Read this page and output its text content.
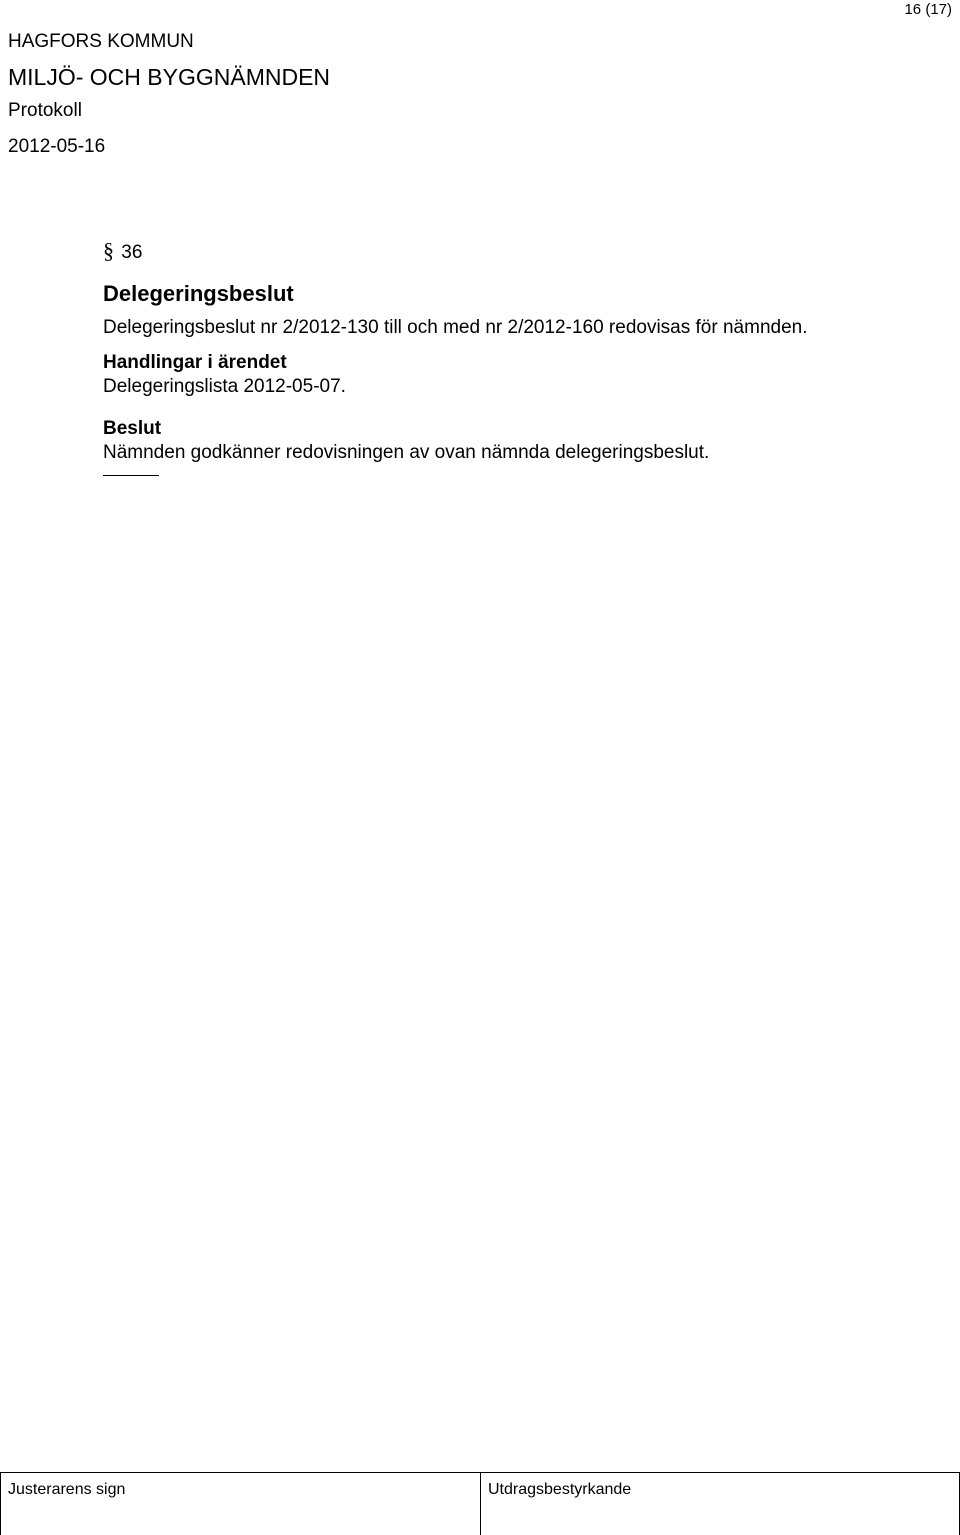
16 (17)
HAGFORS KOMMUN
MILJÖ- OCH BYGGNÄMNDEN
Protokoll
2012-05-16
§ 36
Delegeringsbeslut
Delegeringsbeslut nr 2/2012-130 till och med nr 2/2012-160 redovisas för nämnden.
Handlingar i ärendet
Delegeringslista 2012-05-07.
Beslut
Nämnden godkänner redovisningen av ovan nämnda delegeringsbeslut.
Justerarens sign	Utdragsbestyrkande
